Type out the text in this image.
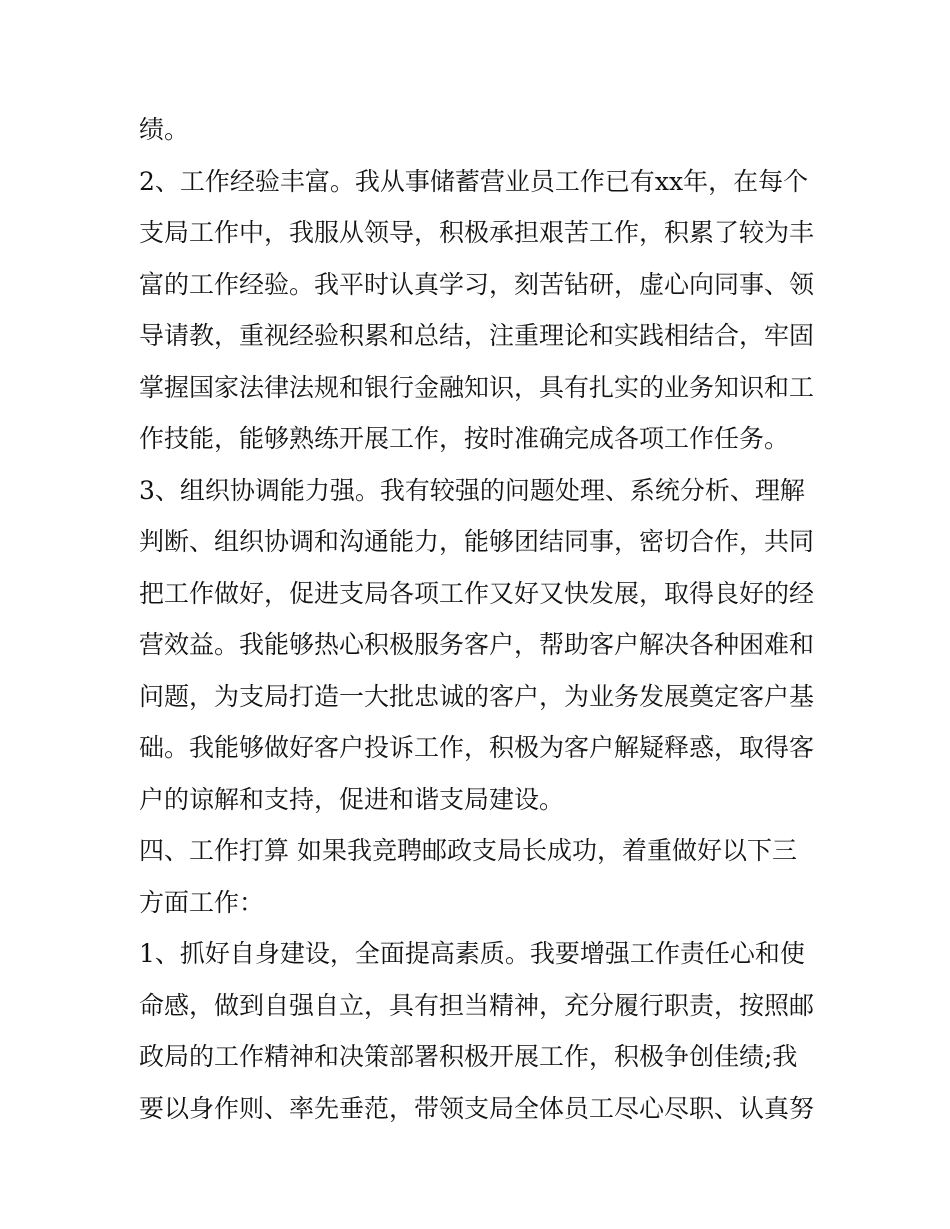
绩。
2、工作经验丰富。我从事储蓄营业员工作已有xx年，在每个
支局工作中，我服从领导，积极承担艰苦工作，积累了较为丰
富的工作经验。我平时认真学习，刻苦钻研，虚心向同事、领
导请教，重视经验积累和总结，注重理论和实践相结合，牢固
掌握国家法律法规和银行金融知识，具有扎实的业务知识和工
作技能，能够熟练开展工作，按时准确完成各项工作任务。
3、组织协调能力强。我有较强的问题处理、系统分析、理解
判断、组织协调和沟通能力，能够团结同事，密切合作，共同
把工作做好，促进支局各项工作又好又快发展，取得良好的经
营效益。我能够热心积极服务客户，帮助客户解决各种困难和
问题，为支局打造一大批忠诚的客户，为业务发展奠定客户基
础。我能够做好客户投诉工作，积极为客户解疑释惑，取得客
户的谅解和支持，促进和谐支局建设。
四、工作打算 如果我竞聘邮政支局长成功，着重做好以下三
方面工作：
1、抓好自身建设，全面提高素质。我要增强工作责任心和使
命感，做到自强自立，具有担当精神，充分履行职责，按照邮
政局的工作精神和决策部署积极开展工作，积极争创佳绩;我
要以身作则、率先垂范，带领支局全体员工尽心尽职、认真努
